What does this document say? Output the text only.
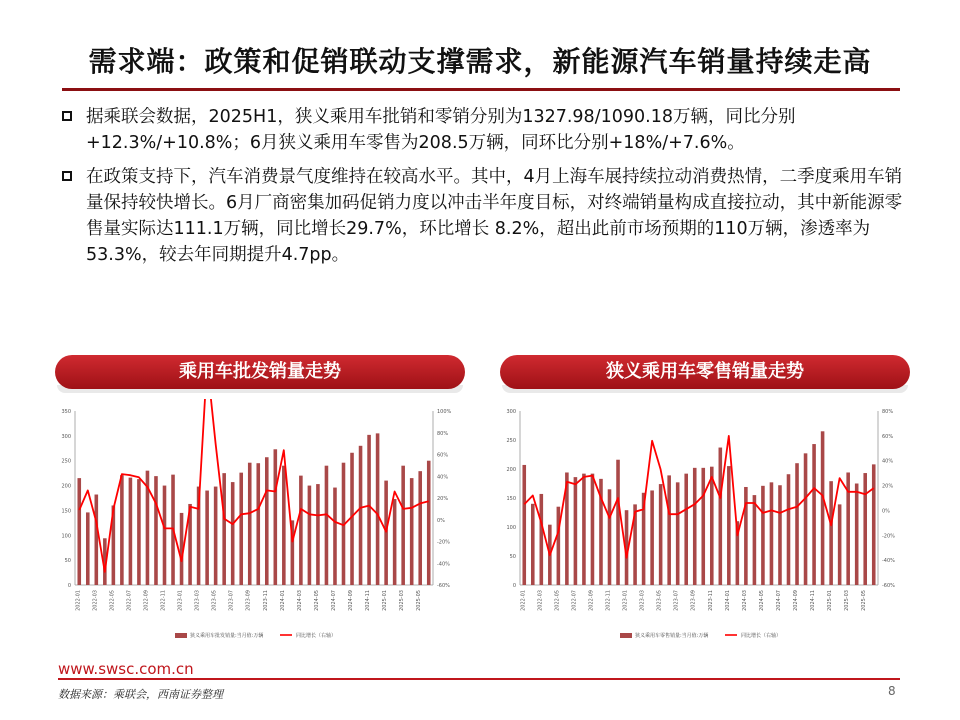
需求端：政策和促销联动支撑需求，新能源汽车销量持续走高
据乘联会数据，2025H1，狭义乘用车批销和零销分别为1327.98/1090.18万辆，同比分别+12.3%/+10.8%；6月狭义乘用车零售为208.5万辆，同环比分别+18%/+7.6%。
在政策支持下，汽车消费景气度维持在较高水平。其中，4月上海车展持续拉动消费热情，二季度乘用车销量保持较快增长。6月厂商密集加码促销力度以冲击半年度目标，对终端销量构成直接拉动，其中新能源零售量实际达111.1万辆，同比增长29.7%，环比增长 8.2%，超出此前市场预期的110万辆，渗透率为53.3%，较去年同期提升4.7pp。
乘用车批发销量走势
0
50
100
150
200
250
300
350
-60%
-40%
-20%
0%
20%
40%
60%
80%
100%
2022-01 2022-03 2022-05 2022-07 2022-09 2022-11 2023-01 2023-03 2023-05 2023-07 2023-09 2023-11 2024-01 2024-03 2024-05 2024-07 2024-09 2024-11 2025-01 2025-03 2025-05
狭义乘用车批发销量:当月值:万辆	同比增长（右轴）
狭义乘用车零售销量走势
0
50
100
150
200
250
300
-60%
-40%
-20%
0%
20%
40%
60%
80%
2022-01 2022-03 2022-05 2022-07 2022-09 2022-11 2023-01 2023-03 2023-05 2023-07 2023-09 2023-11 2024-01 2024-03 2024-05 2024-07 2024-09 2024-11 2025-01 2025-03 2025-05
狭义乘用车零售销量:当月值:万辆	同比增长（右轴）
www.swsc.com.cn
数据来源：乘联会，西南证券整理	8
